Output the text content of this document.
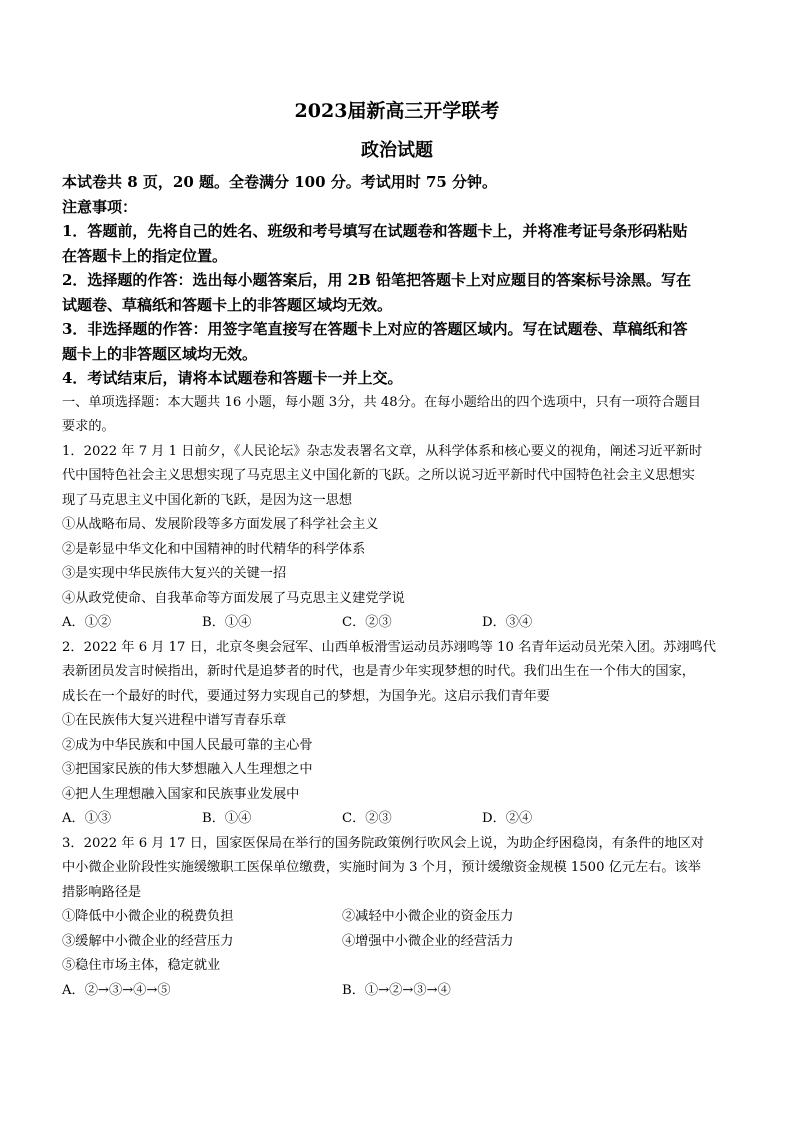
2023届新高三开学联考
政治试题
本试卷共 8 页，20 题。全卷满分 100 分。考试用时 75 分钟。
注意事项：
1．答题前，先将自己的姓名、班级和考号填写在试题卷和答题卡上，并将准考证号条形码粘贴
在答题卡上的指定位置。
2．选择题的作答：选出每小题答案后，用 2B 铅笔把答题卡上对应题目的答案标号涂黑。写在
试题卷、草稿纸和答题卡上的非答题区域均无效。
3．非选择题的作答：用签字笔直接写在答题卡上对应的答题区域内。写在试题卷、草稿纸和答
题卡上的非答题区域均无效。
4．考试结束后，请将本试题卷和答题卡一并上交。
一、单项选择题：本大题共 16 小题，每小题 3分，共 48分。在每小题给出的四个选项中，只有一项符合题目
要求的。
1．2022 年 7 月 1 日前夕，《人民论坛》杂志发表署名文章，从科学体系和核心要义的视角，阐述习近平新时
代中国特色社会主义思想实现了马克思主义中国化新的飞跃。之所以说习近平新时代中国特色社会主义思想实
现了马克思主义中国化新的飞跃，是因为这一思想
①从战略布局、发展阶段等多方面发展了科学社会主义
②是彰显中华文化和中国精神的时代精华的科学体系
③是实现中华民族伟大复兴的关键一招
④从政党使命、自我革命等方面发展了马克思主义建党学说
A．①②	B．①④	C．②③	D．③④
2．2022 年 6 月 17 日，北京冬奥会冠军、山西单板滑雪运动员苏翊鸣等 10 名青年运动员光荣入团。苏翊鸣代
表新团员发言时候指出，新时代是追梦者的时代，也是青少年实现梦想的时代。我们出生在一个伟大的国家，
成长在一个最好的时代，要通过努力实现自己的梦想，为国争光。这启示我们青年要
①在民族伟大复兴进程中谱写青春乐章
②成为中华民族和中国人民最可靠的主心骨
③把国家民族的伟大梦想融入人生理想之中
④把人生理想融入国家和民族事业发展中
A．①③	B．①④	C．②③	D．②④
3．2022 年 6 月 17 日，国家医保局在举行的国务院政策例行吹风会上说，为助企纾困稳岗，有条件的地区对
中小微企业阶段性实施缓缴职工医保单位缴费，实施时间为 3 个月，预计缓缴资金规模 1500 亿元左右。该举
措影响路径是
①降低中小微企业的税费负担	②减轻中小微企业的资金压力
③缓解中小微企业的经营压力	④增强中小微企业的经营活力
⑤稳住市场主体，稳定就业
A．②→③→④→⑤	B．①→②→③→④
